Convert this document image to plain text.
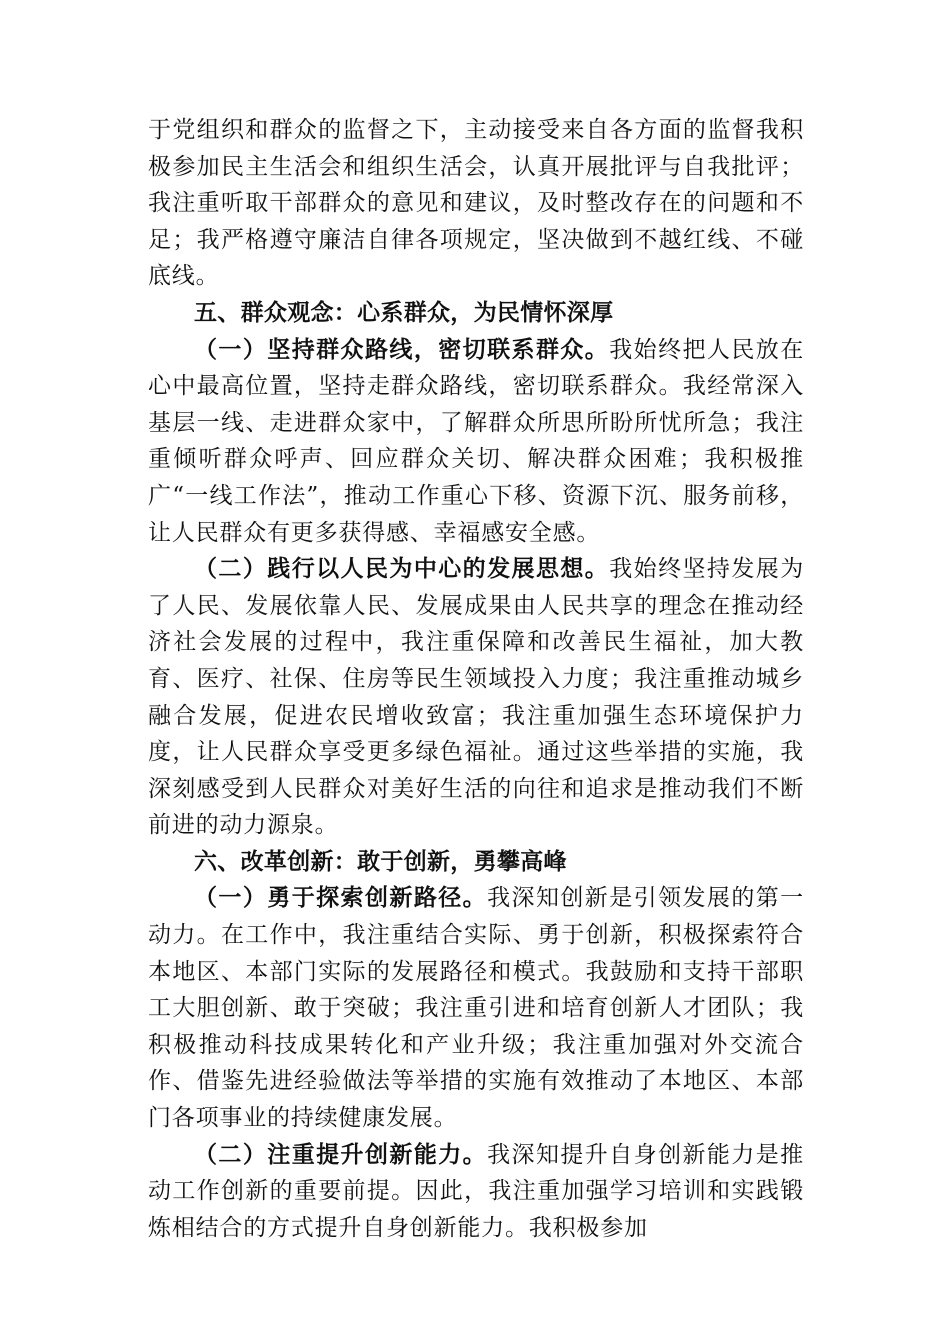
于党组织和群众的监督之下，主动接受来自各方面的监督我积极参加民主生活会和组织生活会，认真开展批评与自我批评；我注重听取干部群众的意见和建议，及时整改存在的问题和不足；我严格遵守廉洁自律各项规定，坚决做到不越红线、不碰底线。

五、群众观念：心系群众，为民情怀深厚

（一）坚持群众路线，密切联系群众。我始终把人民放在心中最高位置，坚持走群众路线，密切联系群众。我经常深入基层一线、走进群众家中，了解群众所思所盼所忧所急；我注重倾听群众呼声、回应群众关切、解决群众困难；我积极推广“一线工作法”，推动工作重心下移、资源下沉、服务前移，让人民群众有更多获得感、幸福感安全感。

（二）践行以人民为中心的发展思想。我始终坚持发展为了人民、发展依靠人民、发展成果由人民共享的理念在推动经济社会发展的过程中，我注重保障和改善民生福祉，加大教育、医疗、社保、住房等民生领域投入力度；我注重推动城乡融合发展，促进农民增收致富；我注重加强生态环境保护力度，让人民群众享受更多绿色福祉。通过这些举措的实施，我深刻感受到人民群众对美好生活的向往和追求是推动我们不断前进的动力源泉。

六、改革创新：敢于创新，勇攀高峰

（一）勇于探索创新路径。我深知创新是引领发展的第一动力。在工作中，我注重结合实际、勇于创新，积极探索符合本地区、本部门实际的发展路径和模式。我鼓励和支持干部职工大胆创新、敢于突破；我注重引进和培育创新人才团队；我积极推动科技成果转化和产业升级；我注重加强对外交流合作、借鉴先进经验做法等举措的实施有效推动了本地区、本部门各项事业的持续健康发展。

（二）注重提升创新能力。我深知提升自身创新能力是推动工作创新的重要前提。因此，我注重加强学习培训和实践锻炼相结合的方式提升自身创新能力。我积极参加
